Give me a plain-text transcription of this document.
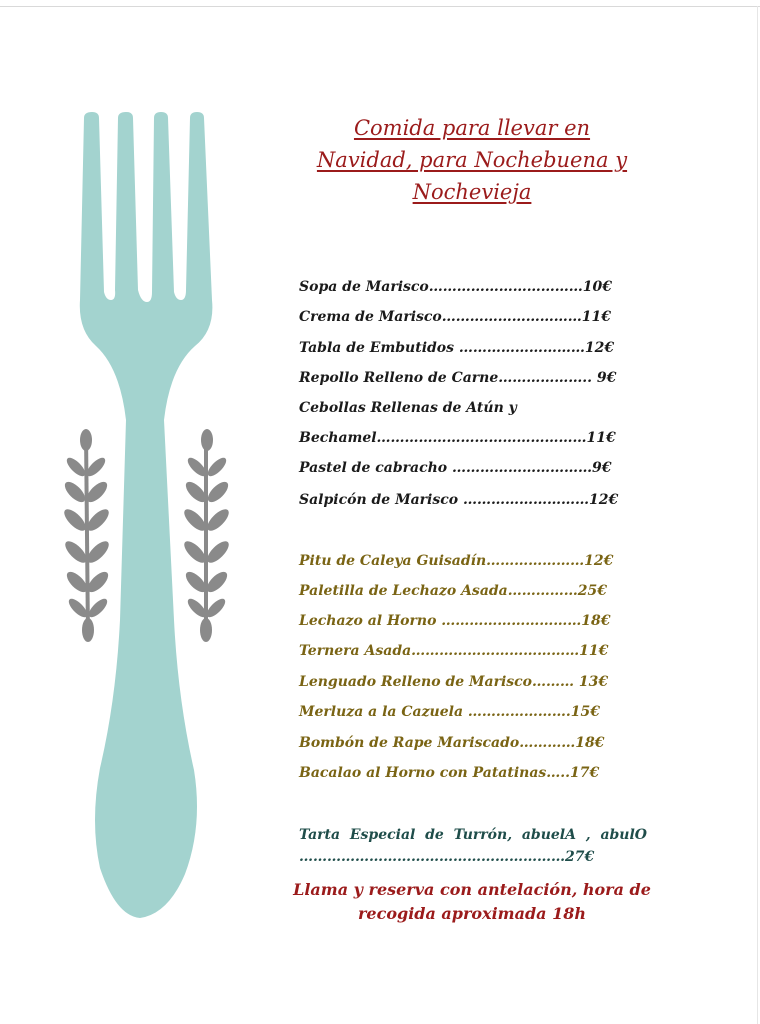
Comida para llevar en
Navidad, para Nochebuena y
Nochevieja
Sopa de Marisco……………………………10€
Crema de Marisco…………………………11€
Tabla de Embutidos ………………………12€
Repollo Relleno de Carne……………….. 9€
Cebollas Rellenas de Atún y
Bechamel………………………………………11€
Pastel de cabracho …………………………9€
Salpicón de Marisco ………………………12€
Pitu de Caleya Guisadín…………………12€
Paletilla de Lechazo Asada……………25€
Lechazo al Horno …………………………18€
Ternera Asada………………………………11€
Lenguado Relleno de Marisco……… 13€
Merluza a la Cazuela ………………….15€
Bombón de Rape Mariscado…………18€
Bacalao al Horno con Patatinas…..17€
Tarta Especial de Turrón, abuelA , abulO
…………………………………………………27€
Llama y reserva con antelación, hora de
recogida aproximada 18h
